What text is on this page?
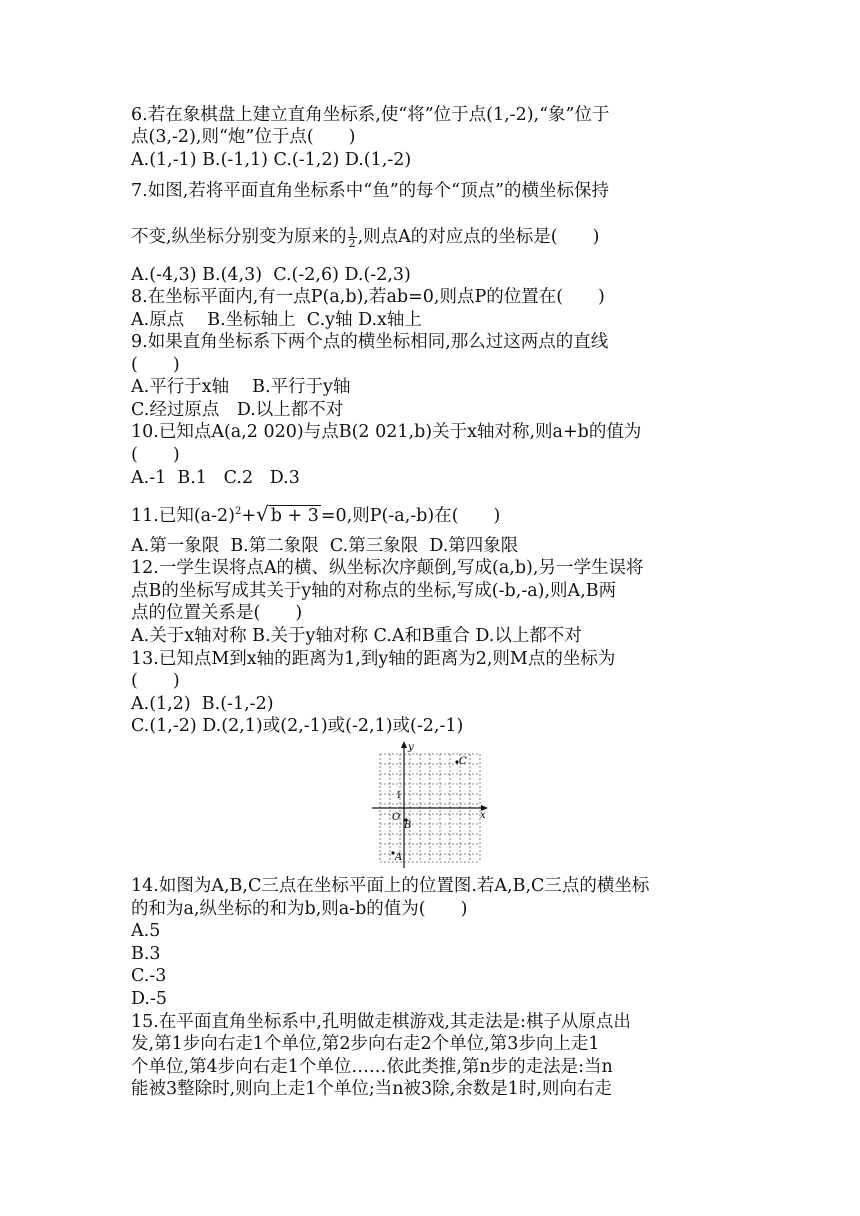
6.若在象棋盘上建立直角坐标系,使“将”位于点(1,-2),“象”位于
点(3,-2),则“炮”位于点(　　)
A.(1,-1) B.(-1,1) C.(-1,2) D.(1,-2)
7.如图,若将平面直角坐标系中“鱼”的每个“顶点”的横坐标保持
不变,纵坐标分别变为原来的 $\frac{1}{2}$ ,则点A的对应点的坐标是(　　)
A.(-4,3) B.(4,3)  C.(-2,6) D.(-2,3)
8.在坐标平面内,有一点P(a,b),若ab=0,则点P的位置在(　　)
A.原点　 B.坐标轴上  C.y轴 D.x轴上
9.如果直角坐标系下两个点的横坐标相同,那么过这两点的直线
(　　)
A.平行于x轴　 B.平行于y轴
C.经过原点　D.以上都不对
10.已知点A(a,2 020)与点B(2 021,b)关于x轴对称,则a+b的值为
(　　)
A.-1  B.1   C.2   D.3
11.已知$(a-2)^2+√$ b + 3 =0,则P(-a,-b)在(　　)
A.第一象限  B.第二象限  C.第三象限  D.第四象限
12.一学生误将点A的横、纵坐标次序颠倒,写成(a,b),另一学生误将
点B的坐标写成其关于y轴的对称点的坐标,写成(-b,-a),则A,B两
点的位置关系是(　　)
A.关于x轴对称 B.关于y轴对称 C.A和B重合 D.以上都不对
13.已知点M到x轴的距离为1,到y轴的距离为2,则M点的坐标为
(　　)
A.(1,2)  B.(-1,-2)
C.(1,-2) D.(2,1)或(2,-1)或(-2,1)或(-2,-1)
y
x
O
1
C
B
A
14.如图为A,B,C三点在坐标平面上的位置图.若A,B,C三点的横坐标
的和为a,纵坐标的和为b,则a-b的值为(　　)
A.5
B.3
C.-3
D.-5
15.在平面直角坐标系中,孔明做走棋游戏,其走法是:棋子从原点出
发,第1步向右走1个单位,第2步向右走2个单位,第3步向上走1
个单位,第4步向右走1个单位……依此类推,第n步的走法是:当n
能被3整除时,则向上走1个单位;当n被3除,余数是1时,则向右走
